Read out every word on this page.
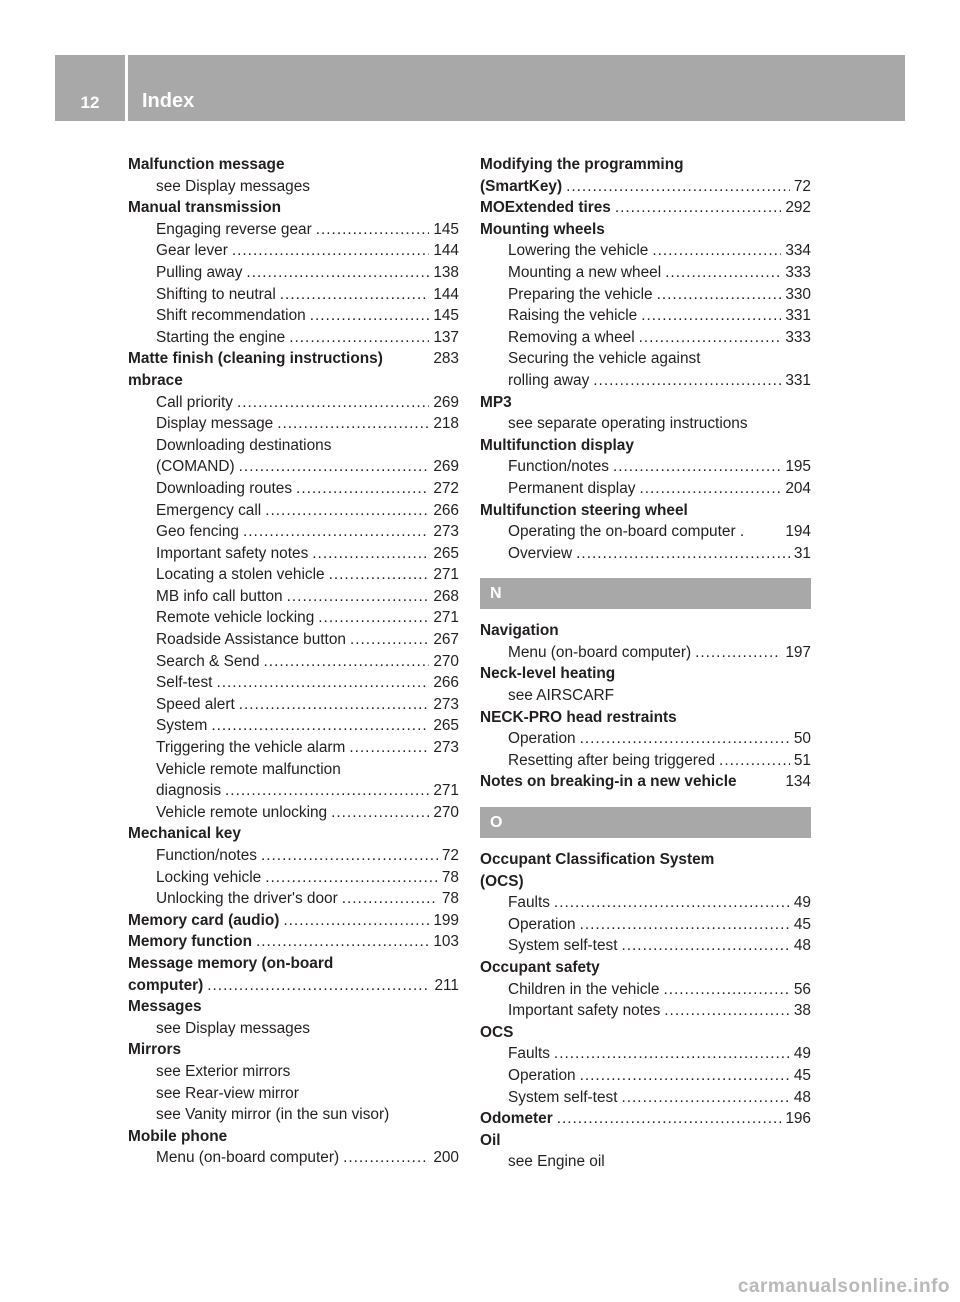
12	Index
Malfunction message
see Display messages
Manual transmission
Engaging reverse gear .....	145
Gear lever .....	144
Pulling away .....	138
Shifting to neutral .....	144
Shift recommendation .....	145
Starting the engine .....	137
Matte finish (cleaning instructions)	283
mbrace
Call priority .....	269
Display message .....	218
Downloading destinations
(COMAND) .....	269
Downloading routes .....	272
Emergency call .....	266
Geo fencing .....	273
Important safety notes .....	265
Locating a stolen vehicle .....	271
MB info call button .....	268
Remote vehicle locking .....	271
Roadside Assistance button .....	267
Search & Send .....	270
Self-test .....	266
Speed alert .....	273
System .....	265
Triggering the vehicle alarm .....	273
Vehicle remote malfunction
diagnosis .....	271
Vehicle remote unlocking .....	270
Mechanical key
Function/notes .....	72
Locking vehicle .....	78
Unlocking the driver's door .....	78
Memory card (audio) .....	199
Memory function .....	103
Message memory (on-board
computer) .....	211
Messages
see Display messages
Mirrors
see Exterior mirrors
see Rear-view mirror
see Vanity mirror (in the sun visor)
Mobile phone
Menu (on-board computer) .....	200
Modifying the programming
(SmartKey) .....	72
MOExtended tires .....	292
Mounting wheels
Lowering the vehicle .....	334
Mounting a new wheel .....	333
Preparing the vehicle .....	330
Raising the vehicle .....	331
Removing a wheel .....	333
Securing the vehicle against
rolling away .....	331
MP3
see separate operating instructions
Multifunction display
Function/notes .....	195
Permanent display .....	204
Multifunction steering wheel
Operating the on-board computer .	194
Overview .....	31
N
Navigation
Menu (on-board computer) .....	197
Neck-level heating
see AIRSCARF
NECK-PRO head restraints
Operation .....	50
Resetting after being triggered .....	51
Notes on breaking-in a new vehicle	134
O
Occupant Classification System
(OCS)
Faults .....	49
Operation .....	45
System self-test .....	48
Occupant safety
Children in the vehicle .....	56
Important safety notes .....	38
OCS
Faults .....	49
Operation .....	45
System self-test .....	48
Odometer .....	196
Oil
see Engine oil
carmanualsonline.info
